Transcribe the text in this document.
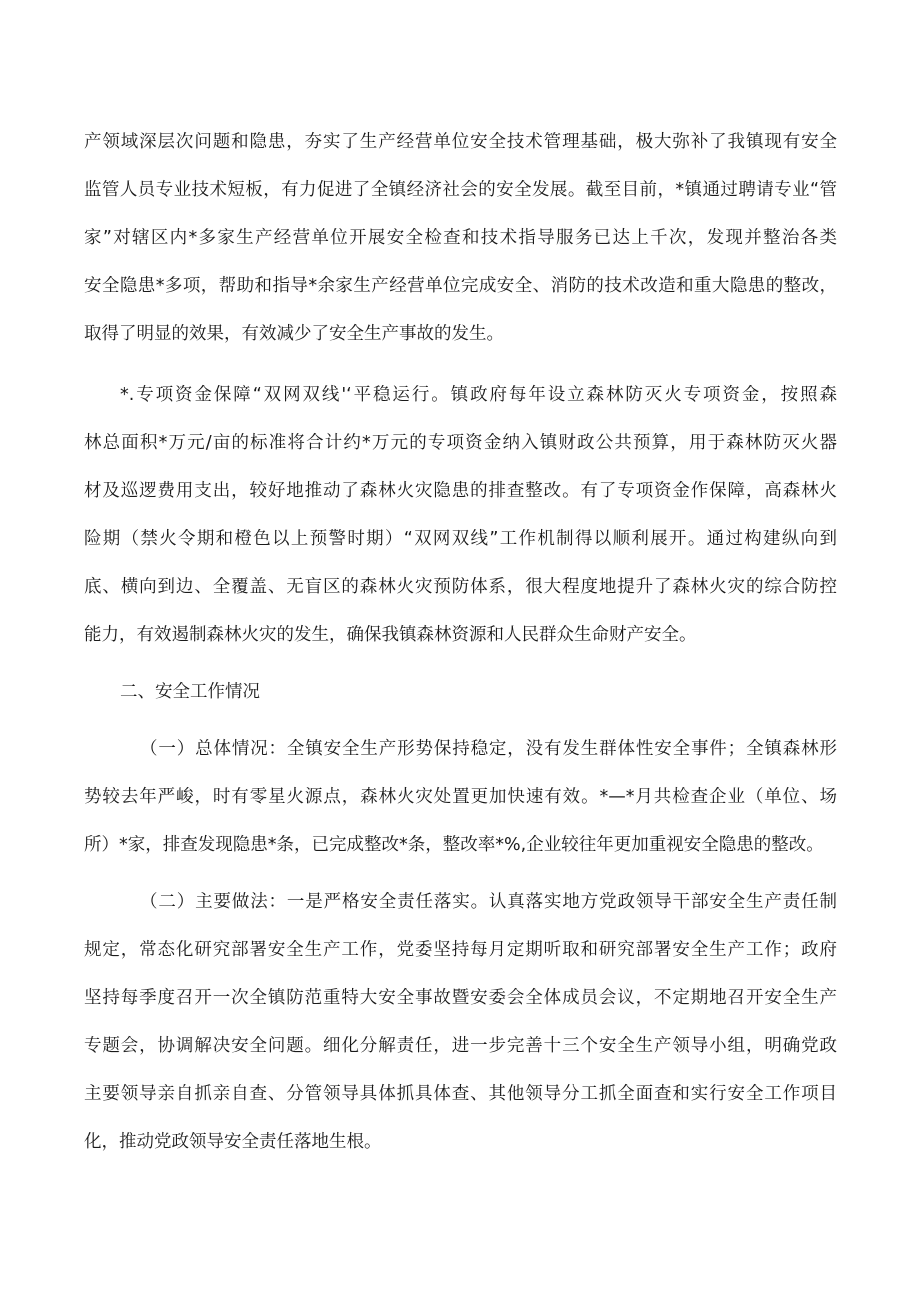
产领域深层次问题和隐患，夯实了生产经营单位安全技术管理基础，极大弥补了我镇现有安全
监管人员专业技术短板，有力促进了全镇经济社会的安全发展。截至目前，*镇通过聘请专业“管
家”对辖区内*多家生产经营单位开展安全检查和技术指导服务已达上千次，发现并整治各类
安全隐患*多项，帮助和指导*余家生产经营单位完成安全、消防的技术改造和重大隐患的整改，
取得了明显的效果，有效减少了安全生产事故的发生。
*.专项资金保障“双网双线'‘平稳运行。镇政府每年设立森林防灭火专项资金，按照森
林总面积*万元/亩的标准将合计约*万元的专项资金纳入镇财政公共预算，用于森林防灭火器
材及巡逻费用支出，较好地推动了森林火灾隐患的排查整改。有了专项资金作保障，高森林火
险期（禁火令期和橙色以上预警时期）“双网双线”工作机制得以顺利展开。通过构建纵向到
底、横向到边、全覆盖、无盲区的森林火灾预防体系，很大程度地提升了森林火灾的综合防控
能力，有效遏制森林火灾的发生，确保我镇森林资源和人民群众生命财产安全。
二、安全工作情况
（一）总体情况：全镇安全生产形势保持稳定，没有发生群体性安全事件；全镇森林形
势较去年严峻，时有零星火源点，森林火灾处置更加快速有效。*—*月共检查企业（单位、场
所）*家，排查发现隐患*条，已完成整改*条，整改率*%,企业较往年更加重视安全隐患的整改。
（二）主要做法：一是严格安全责任落实。认真落实地方党政领导干部安全生产责任制
规定，常态化研究部署安全生产工作，党委坚持每月定期听取和研究部署安全生产工作；政府
坚持每季度召开一次全镇防范重特大安全事故暨安委会全体成员会议，不定期地召开安全生产
专题会，协调解决安全问题。细化分解责任，进一步完善十三个安全生产领导小组，明确党政
主要领导亲自抓亲自查、分管领导具体抓具体查、其他领导分工抓全面查和实行安全工作项目
化，推动党政领导安全责任落地生根。
